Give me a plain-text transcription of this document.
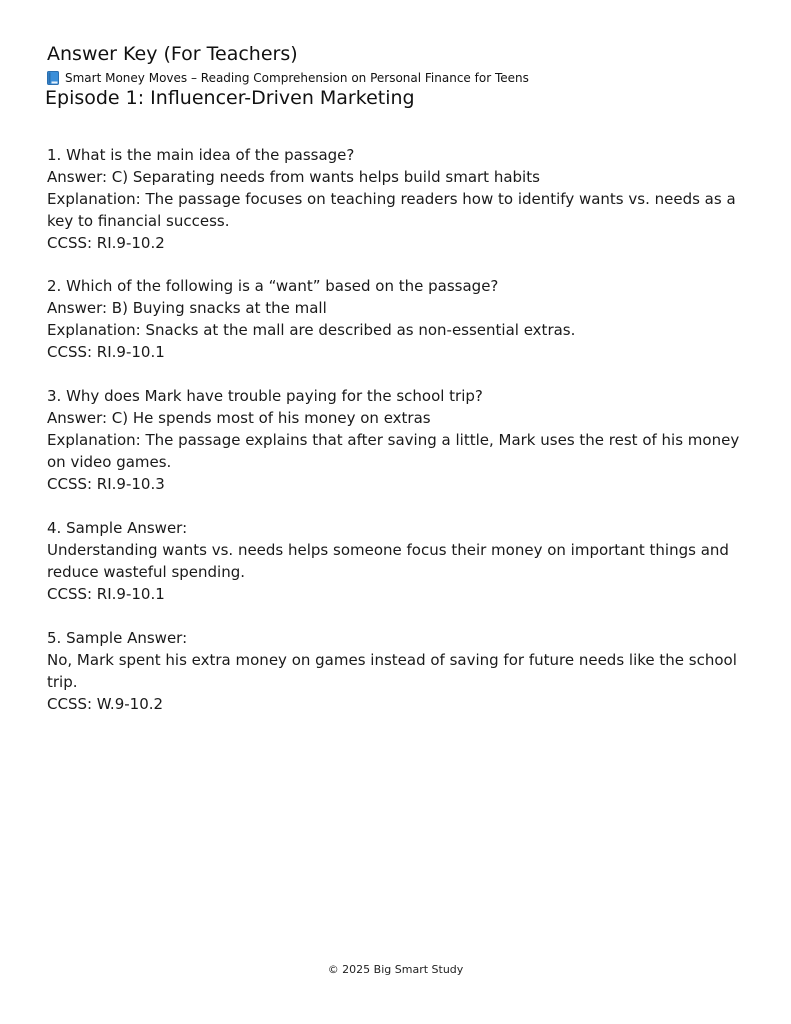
Answer Key (For Teachers)
Smart Money Moves – Reading Comprehension on Personal Finance for Teens
Episode 1: Influencer-Driven Marketing
1. What is the main idea of the passage?
Answer: C) Separating needs from wants helps build smart habits
Explanation: The passage focuses on teaching readers how to identify wants vs. needs as a key to financial success.
CCSS: RI.9-10.2
2. Which of the following is a “want” based on the passage?
Answer: B) Buying snacks at the mall
Explanation: Snacks at the mall are described as non-essential extras.
CCSS: RI.9-10.1
3. Why does Mark have trouble paying for the school trip?
Answer: C) He spends most of his money on extras
Explanation: The passage explains that after saving a little, Mark uses the rest of his money on video games.
CCSS: RI.9-10.3
4. Sample Answer:
Understanding wants vs. needs helps someone focus their money on important things and reduce wasteful spending.
CCSS: RI.9-10.1
5. Sample Answer:
No, Mark spent his extra money on games instead of saving for future needs like the school trip.
CCSS: W.9-10.2
© 2025 Big Smart Study
